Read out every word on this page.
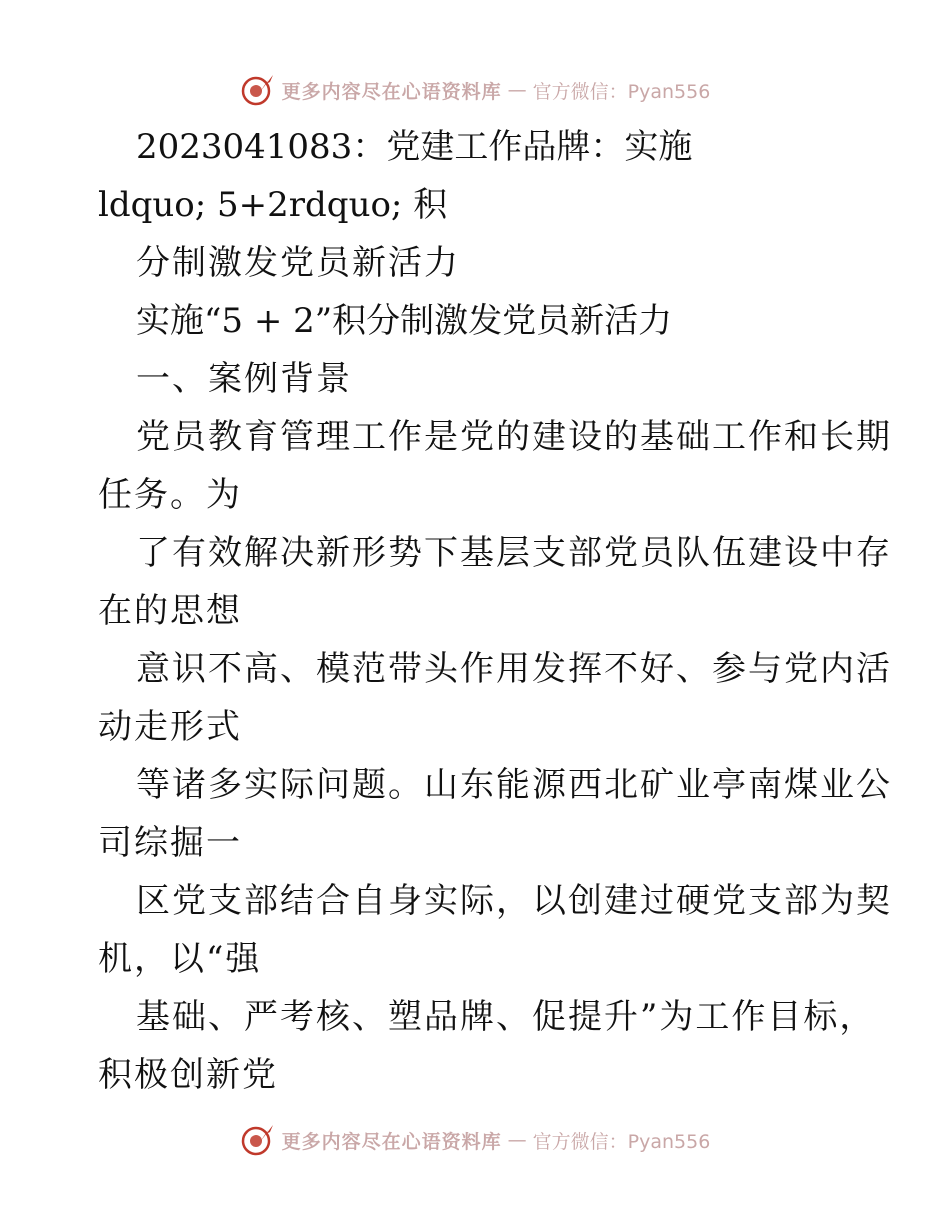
更多内容尽在心语资料库 — 官方微信：Pyan556
2023041083：党建工作品牌：实施
ldquo; 5+2rdquo; 积
分制激发党员新活力
实施“5 + 2”积分制激发党员新活力
一、案例背景
党员教育管理工作是党的建设的基础工作和长期
任务。为
了有效解决新形势下基层支部党员队伍建设中存
在的思想
意识不高、模范带头作用发挥不好、参与党内活
动走形式
等诸多实际问题。山东能源西北矿业亭南煤业公
司综掘一
区党支部结合自身实际，以创建过硬党支部为契
机，以“强
基础、严考核、塑品牌、促提升”为工作目标，
积极创新党
更多内容尽在心语资料库 — 官方微信：Pyan556
